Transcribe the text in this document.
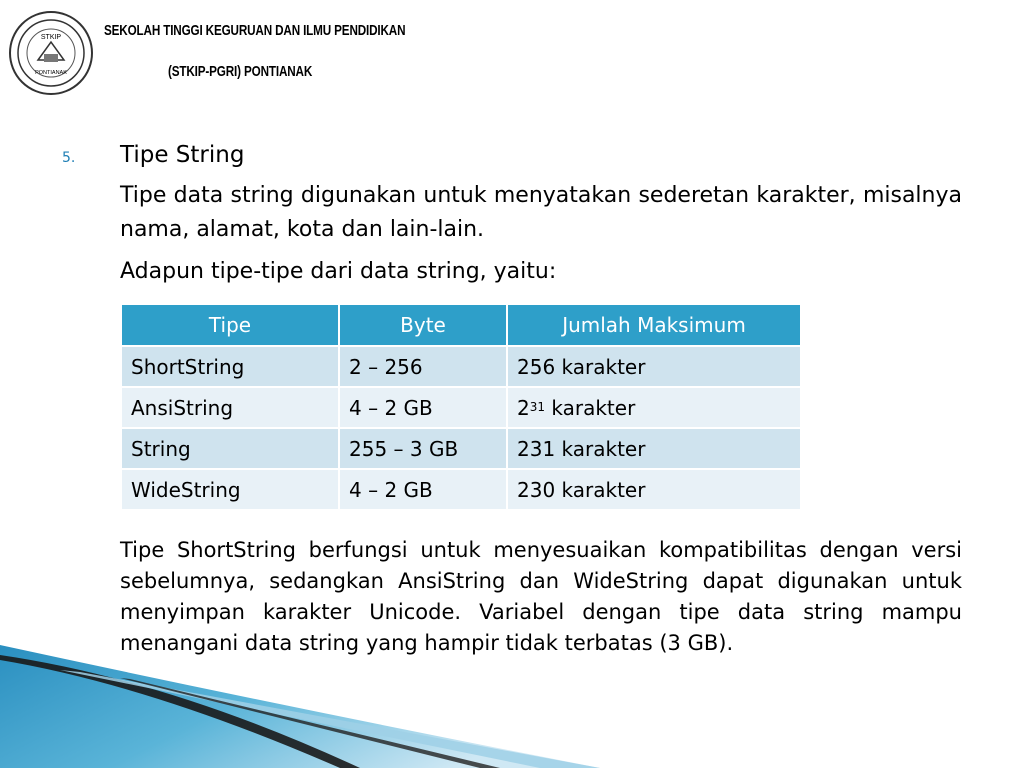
STKIP
PONTIANAK
SEKOLAH TINGGI KEGURUAN DAN ILMU PENDIDIKAN
(STKIP-PGRI) PONTIANAK
5. Tipe String
Tipe data string digunakan untuk menyatakan sederetan karakter, misalnya nama, alamat, kota dan lain-lain.
Adapun tipe-tipe dari data string, yaitu:
Tipe	Byte	Jumlah Maksimum
ShortString	2 – 256	256 karakter
AnsiString	4 – 2 GB	$2^{31}$ karakter
String	255 – 3 GB	231 karakter
WideString	4 – 2 GB	230 karakter
Tipe ShortString berfungsi untuk menyesuaikan kompatibilitas dengan versi sebelumnya, sedangkan AnsiString dan WideString dapat digunakan untuk menyimpan karakter Unicode. Variabel dengan tipe data string mampu menangani data string yang hampir tidak terbatas (3 GB).
